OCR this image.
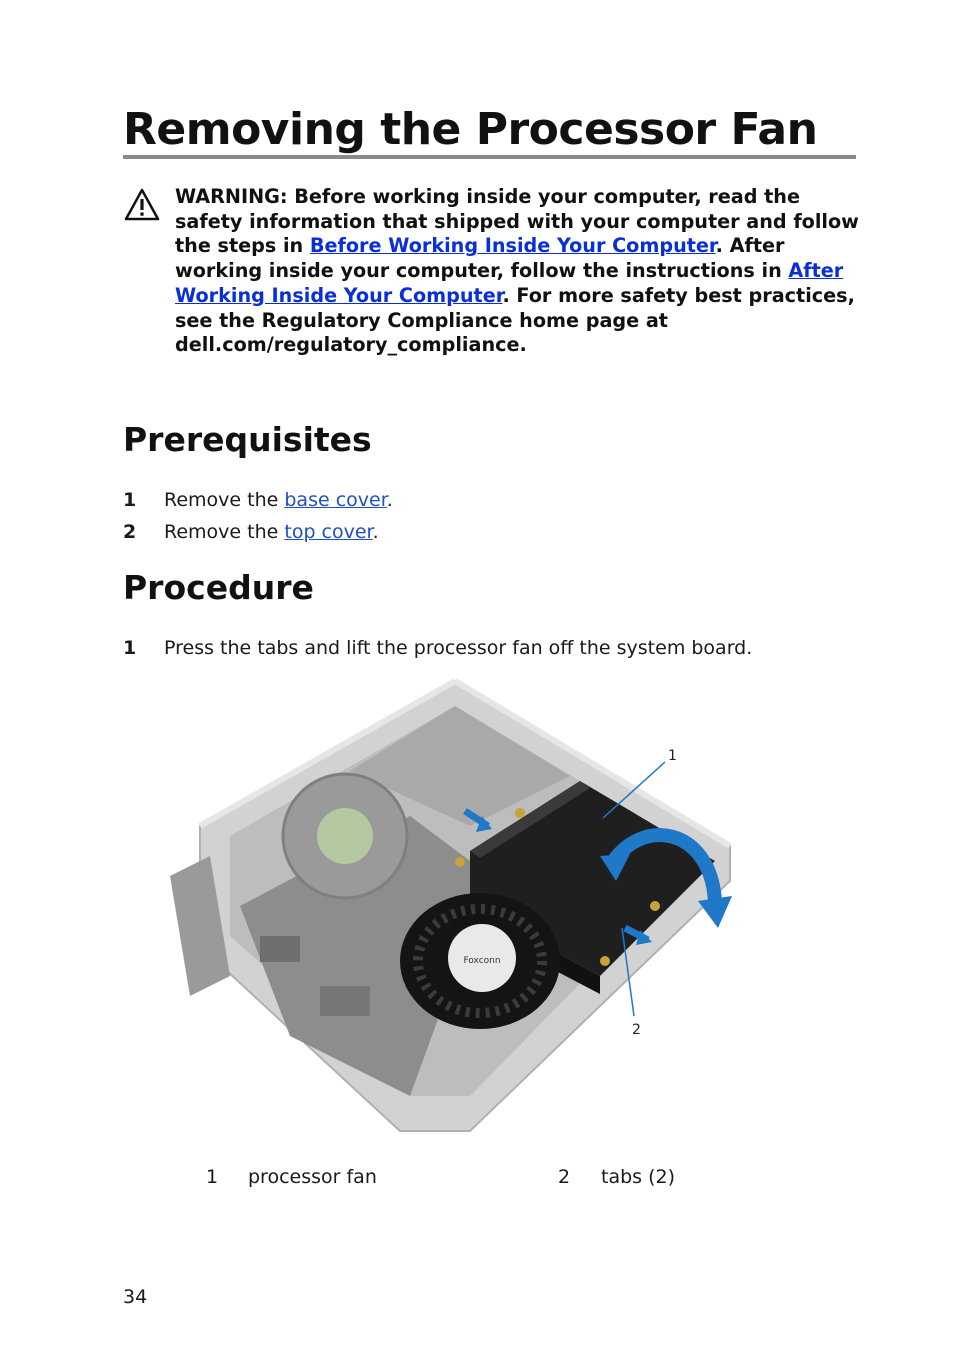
Removing the Processor Fan
WARNING: Before working inside your computer, read the safety information that shipped with your computer and follow the steps in Before Working Inside Your Computer. After working inside your computer, follow the instructions in After Working Inside Your Computer. For more safety best practices, see the Regulatory Compliance home page at dell.com/regulatory_compliance.
Prerequisites
1 Remove the base cover.
2 Remove the top cover.
Procedure
1 Press the tabs and lift the processor fan off the system board.
Foxconn
1
2
1 processor fan	2 tabs (2)
34
